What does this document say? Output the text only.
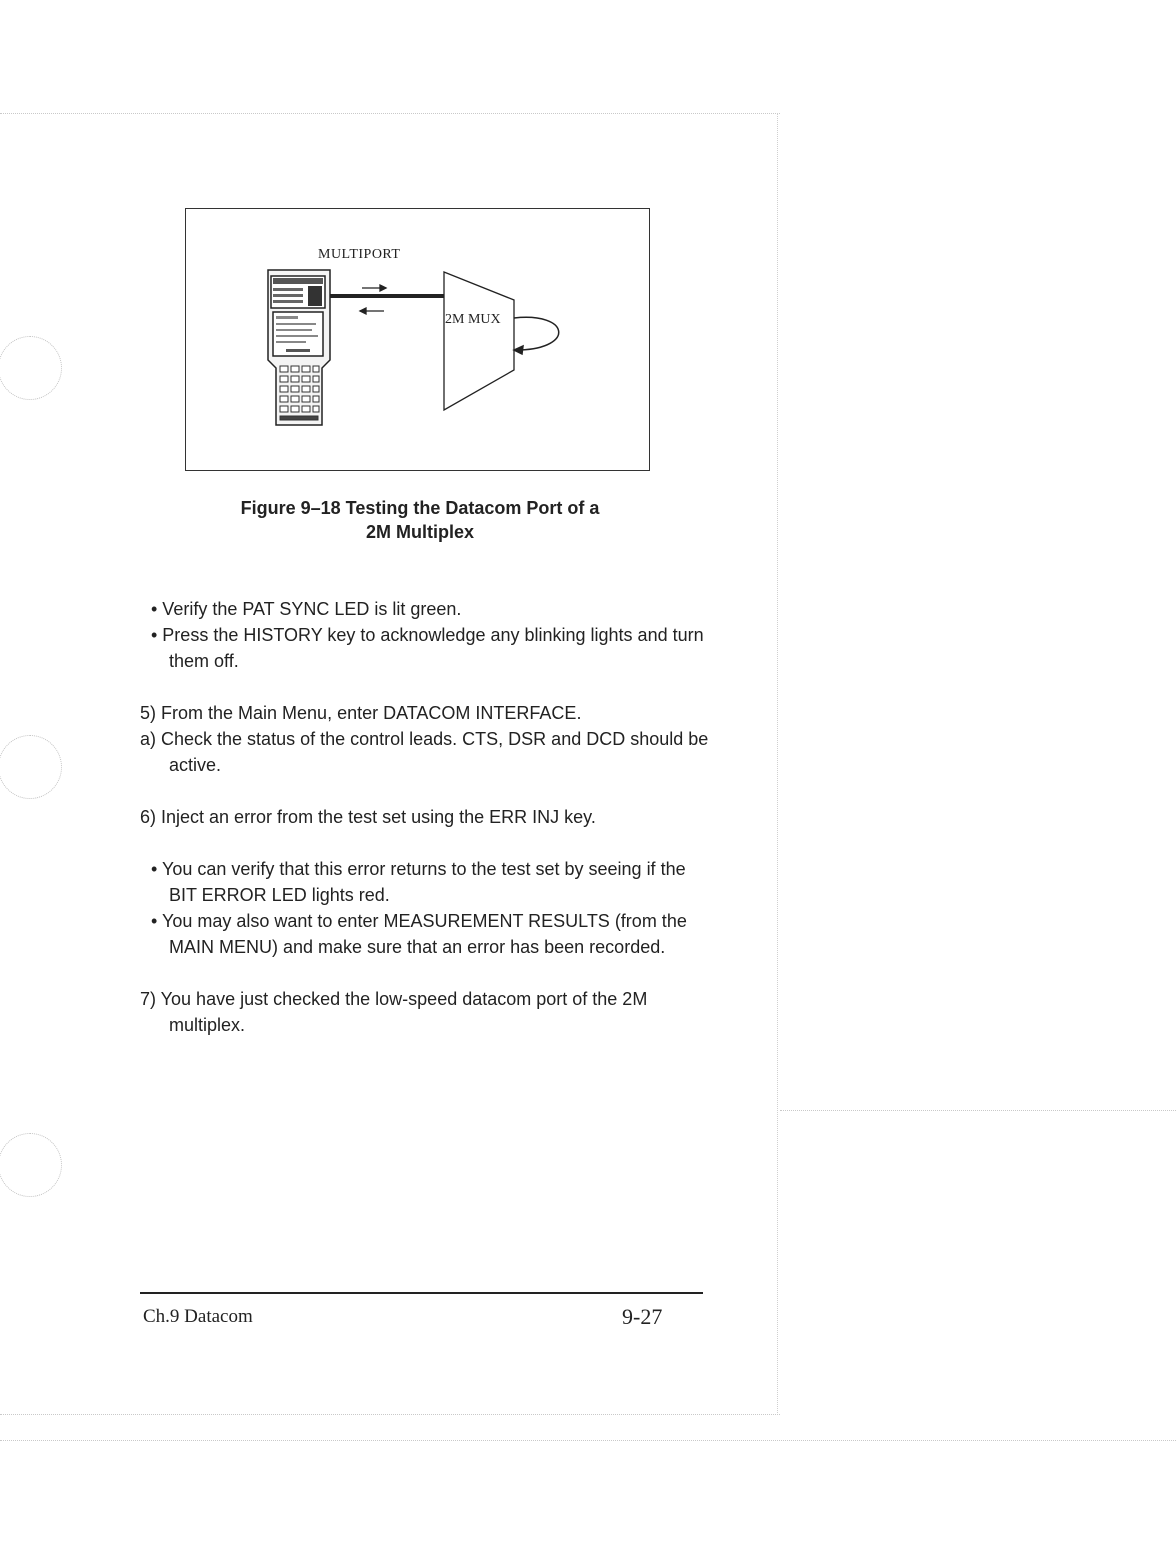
MULTIPORT
2M MUX
Figure 9–18 Testing the Datacom Port of a
2M Multiplex

• Verify the PAT SYNC LED is lit green.

• Press the HISTORY key to acknowledge any blinking lights and turn them off.

5) From the Main Menu, enter DATACOM INTERFACE.

a) Check the status of the control leads. CTS, DSR and DCD should be active.

6) Inject an error from the test set using the ERR INJ key.

• You can verify that this error returns to the test set by seeing if the BIT ERROR LED lights red.

• You may also want to enter MEASUREMENT RESULTS (from the MAIN MENU) and make sure that an error has been recorded.

7) You have just checked the low-speed datacom port of the 2M multiplex.

Ch.9 Datacom	9-27
